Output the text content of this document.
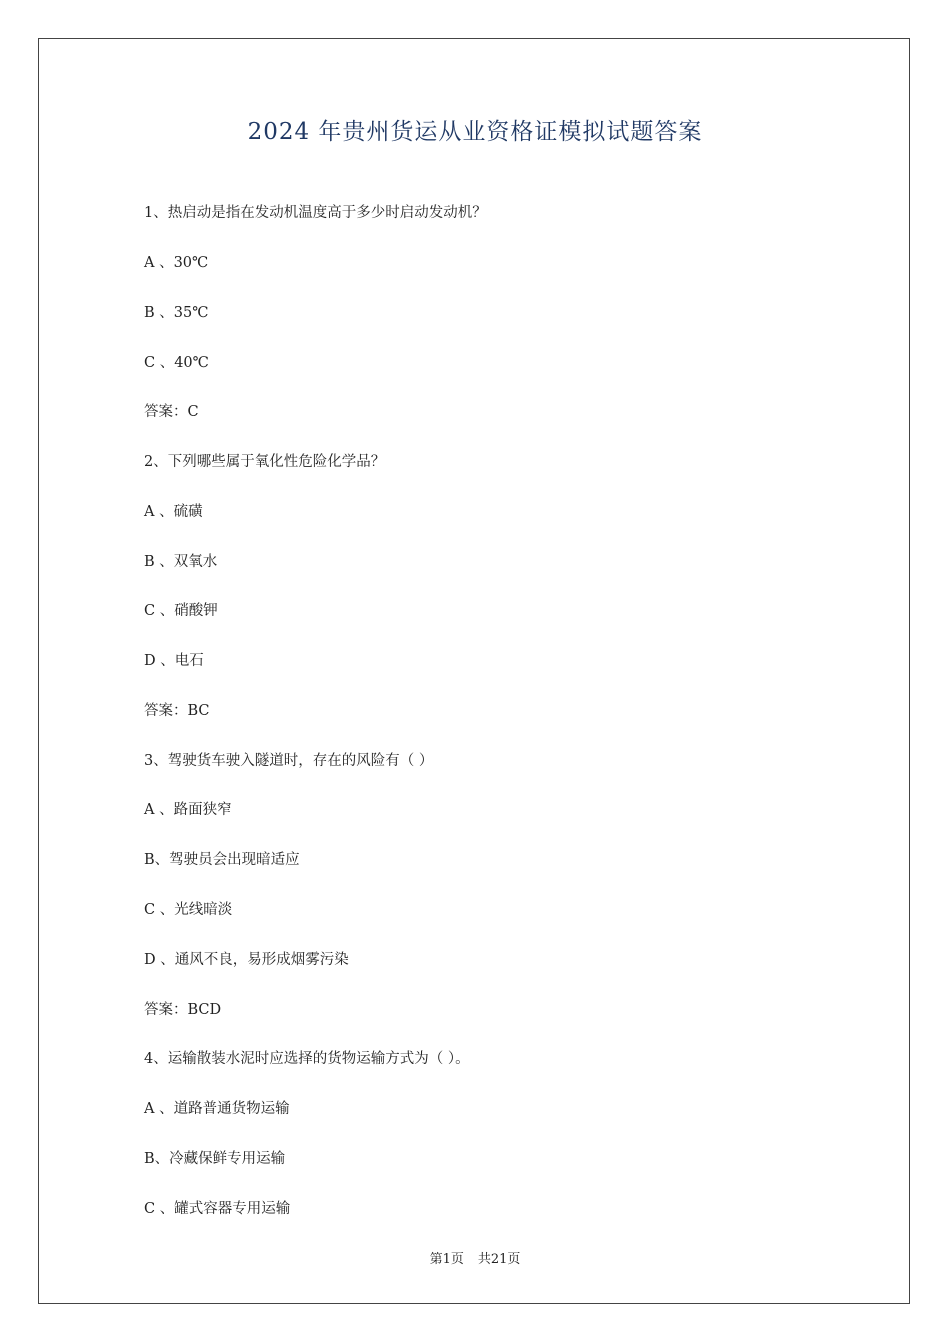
2024 年贵州货运从业资格证模拟试题答案
1、热启动是指在发动机温度高于多少时启动发动机？
A 、30℃
B 、35℃
C 、40℃
答案：C
2、下列哪些属于氧化性危险化学品？
A 、硫磺
B 、双氧水
C 、硝酸钾
D 、电石
答案：BC
3、驾驶货车驶入隧道时，存在的风险有（ ）
A 、路面狭窄
B、驾驶员会出现暗适应
C 、光线暗淡
D 、通风不良，易形成烟雾污染
答案：BCD
4、运输散装水泥时应选择的货物运输方式为（ ）。
A 、道路普通货物运输
B、冷藏保鲜专用运输
C 、罐式容器专用运输
第1页 共21页
